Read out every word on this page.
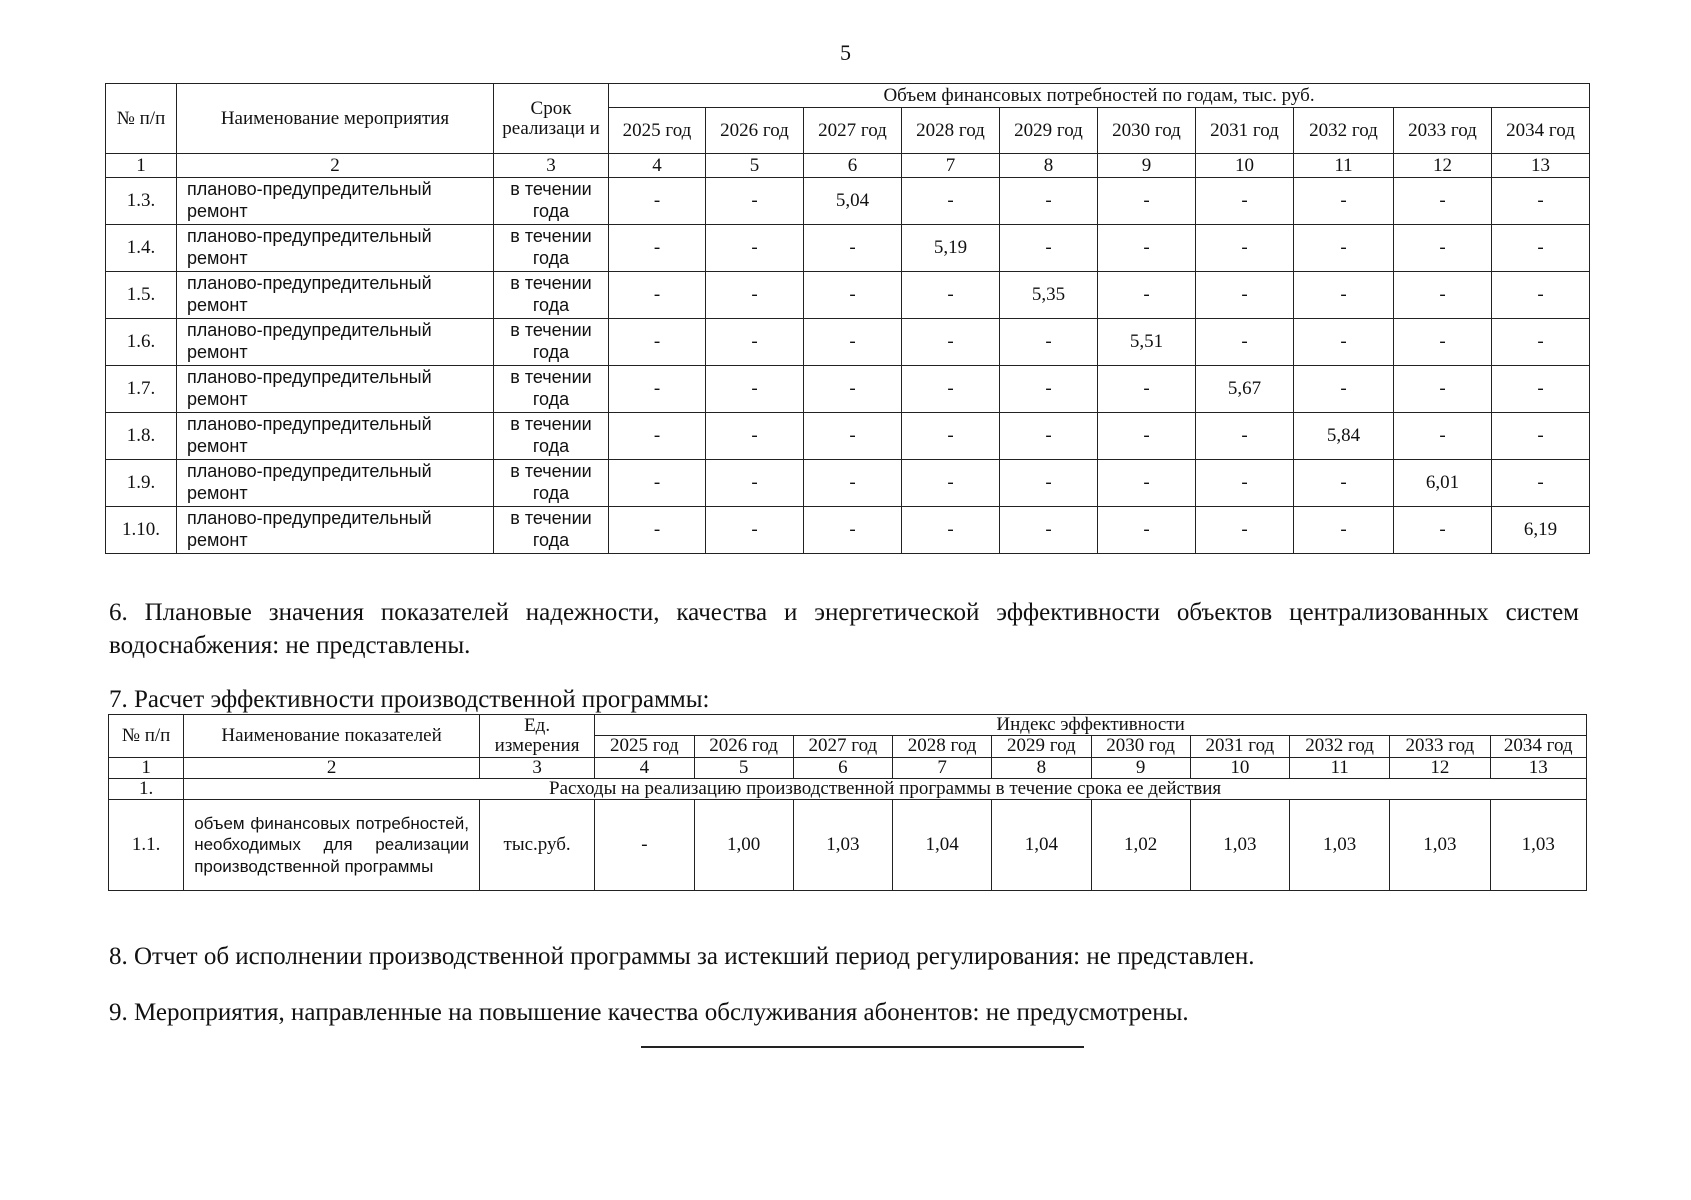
5
№ п/п	Наименование мероприятия	Срок реализаци и	Объем финансовых потребностей по годам, тыс. руб.									
			2025 год	2026 год	2027 год	2028 год	2029 год	2030 год	2031 год	2032 год	2033 год	2034 год
1	2	3	4	5	6	7	8	9	10	11	12	13
1.3.	планово-предупредительный ремонт	в течении года	-	-	5,04	-	-	-	-	-	-	-
1.4.	планово-предупредительный ремонт	в течении года	-	-	-	5,19	-	-	-	-	-	-
1.5.	планово-предупредительный ремонт	в течении года	-	-	-	-	5,35	-	-	-	-	-
1.6.	планово-предупредительный ремонт	в течении года	-	-	-	-	-	5,51	-	-	-	-
1.7.	планово-предупредительный ремонт	в течении года	-	-	-	-	-	-	5,67	-	-	-
1.8.	планово-предупредительный ремонт	в течении года	-	-	-	-	-	-	-	5,84	-	-
1.9.	планово-предупредительный ремонт	в течении года	-	-	-	-	-	-	-	-	6,01	-
1.10.	планово-предупредительный ремонт	в течении года	-	-	-	-	-	-	-	-	-	6,19
6. Плановые значения показателей надежности, качества и энергетической эффективности объектов централизованных систем водоснабжения: не представлены.
7. Расчет эффективности производственной программы:
№ п/п	Наименование показателей	Ед. измерения	Индекс эффективности									
			2025 год	2026 год	2027 год	2028 год	2029 год	2030 год	2031 год	2032 год	2033 год	2034 год
1	2	3	4	5	6	7	8	9	10	11	12	13
1.	Расходы на реализацию производственной программы в течение срока ее действия											
1.1.	объем финансовых потребностей, необходимых для реализации производственной программы	тыс.руб.	-	1,00	1,03	1,04	1,04	1,02	1,03	1,03	1,03	1,03
8. Отчет об исполнении производственной программы за истекший период регулирования: не представлен.
9. Мероприятия, направленные на повышение качества обслуживания абонентов: не предусмотрены.
